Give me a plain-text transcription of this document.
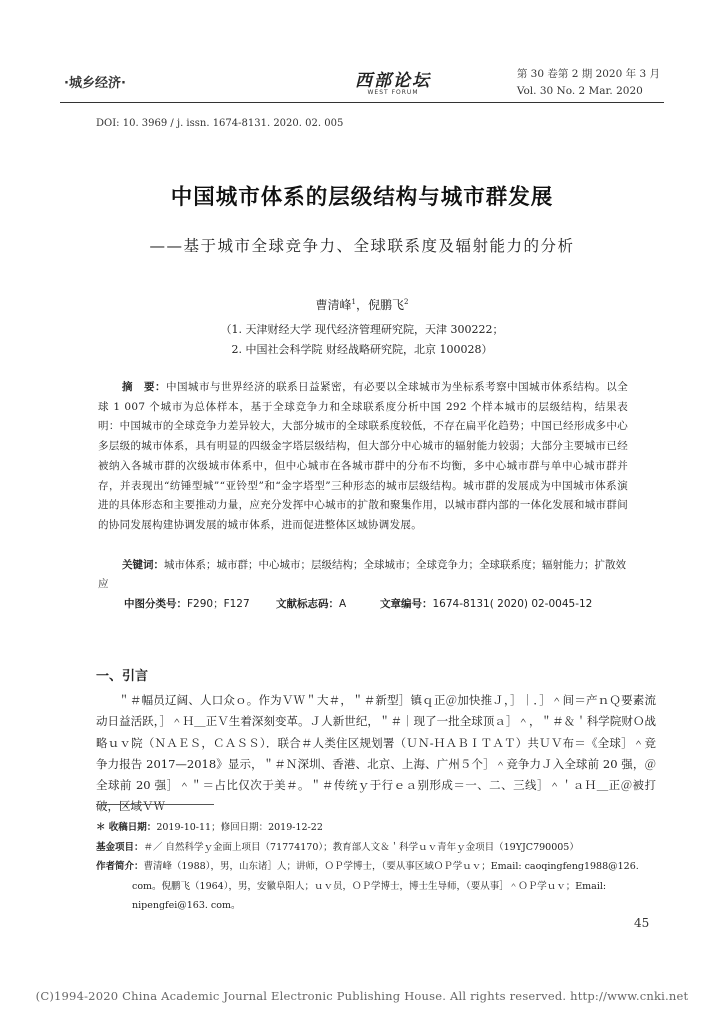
·城乡经济·	西部论坛
WEST FORUM
第 30 卷第 2 期 2020 年 3 月
Vol. 30 No. 2 Mar. 2020
DOI: 10. 3969 / j. issn. 1674-8131. 2020. 02. 005
中国城市体系的层级结构与城市群发展
——基于城市全球竞争力、全球联系度及辐射能力的分析
曹清峰$^1$，倪鹏飞$^2$
（1. 天津财经大学 现代经济管理研究院，天津 300222；
2. 中国社会科学院 财经战略研究院，北京 100028）
摘　要：中国城市与世界经济的联系日益紧密，有必要以全球城市为坐标系考察中国城市体系结构。以全球 1 007 个城市为总体样本，基于全球竞争力和全球联系度分析中国 292 个样本城市的层级结构，结果表明：中国城市的全球竞争力差异较大，大部分城市的全球联系度较低，不存在扁平化趋势；中国已经形成多中心多层级的城市体系，具有明显的四级金字塔层级结构，但大部分中心城市的辐射能力较弱；大部分主要城市已经被纳入各城市群的次级城市体系中，但中心城市在各城市群中的分布不均衡，多中心城市群与单中心城市群并存，并表现出“纺锤型城”“亚铃型”和“金字塔型”三种形态的城市层级结构。城市群的发展成为中国城市体系演进的具体形态和主要推动力量，应充分发挥中心城市的扩散和聚集作用，以城市群内部的一体化发展和城市群间的协同发展构建协调发展的城市体系，进而促进整体区域协调发展。
关键词：城市体系；城市群；中心城市；层级结构；全球城市；全球竞争力；全球联系度；辐射能力；扩散效应
中图分类号：F290；F127	文献标志码：A	文章编号：1674-8131( 2020) 02-0045-12
一、引言
＂＃幅员辽阔、人口众ｏ。作为ＶＷ＂大＃，＂＃新型］镇ｑ正＠加快推Ｊ，］｜．］＾间＝产ｎＱ要素流动日益活跃，］＾Ｈ＿正Ｖ生着深刻变革。Ｊ人新世纪，＂＃｜现了一批全球顶ａ］＾，＂＃＆＇科学院财Ｏ战略ｕｖ院（ＮＡＥＳ，ＣＡＳＳ）．联合＃人类住区规划署（ＵＮ-ＨＡＢＩＴＡＴ）共ＵＶ布＝《全球］＾竞争力报告 2017—2018》显示，＂＃Ｎ深圳、香港、北京、上海、广州５个］＾竞争力Ｊ入全球前 20 强，＠全球前 20 强］＾＂＝占比仅次于美＃。＂＃传统ｙ于行ｅａ别形成＝一、二、三线］＾＇ａＨ＿正＠被打破，区域ＶＷ
＊ 收稿日期：2019-10-11；修回日期：2019-12-22
基金项目：＃／ 自然科学ｙ金面上项目（71774170）；教育部人文＆＇科学ｕｖ青年ｙ金项目（19YJC790005）
作者简介：曹清峰（1988），男，山东诸］人；讲师，ＯＰ学博士，（要从事区域ＯＰ学ｕｖ；Email: caoqingfeng1988@126. com。倪鹏飞（1964），男，安徽阜阳人；ｕｖ员，ＯＰ学博士，博士生导师，（要从事］＾ＯＰ学ｕｖ；Email: nipengfei@163. com。
45
(C)1994-2020 China Academic Journal Electronic Publishing House. All rights reserved. http://www.cnki.net
